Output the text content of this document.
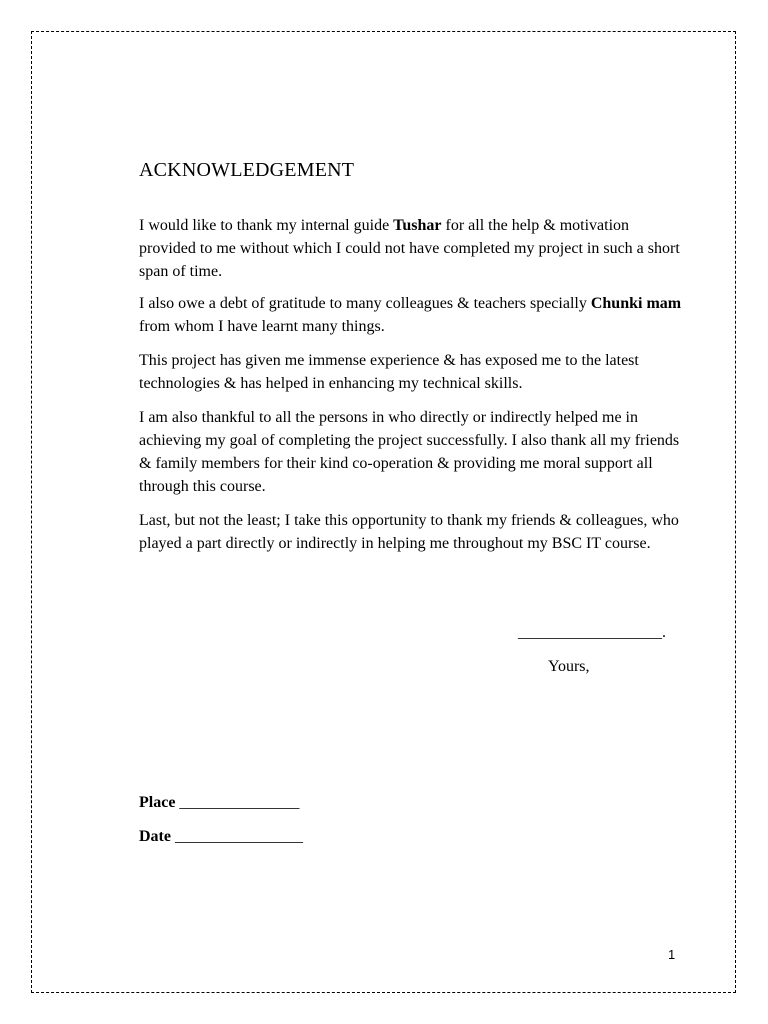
ACKNOWLEDGEMENT

I would like to thank my internal guide Tushar for all the help & motivation provided to me without which I could not have completed my project in such a short span of time.

I also owe a debt of gratitude to many colleagues & teachers specially Chunki mam from whom I have learnt many things.

This project has given me immense experience & has exposed me to the latest technologies & has helped in enhancing my technical skills.

I am also thankful to all the persons in who directly or indirectly helped me in achieving my goal of completing the project successfully. I also thank all my friends & family members for their kind co-operation & providing me moral support all through this course.

Last, but not the least; I take this opportunity to thank my friends & colleagues, who played a part directly or indirectly in helping me throughout my BSC IT course.

__________________.
Yours,
Place _______________
Date ________________
1
